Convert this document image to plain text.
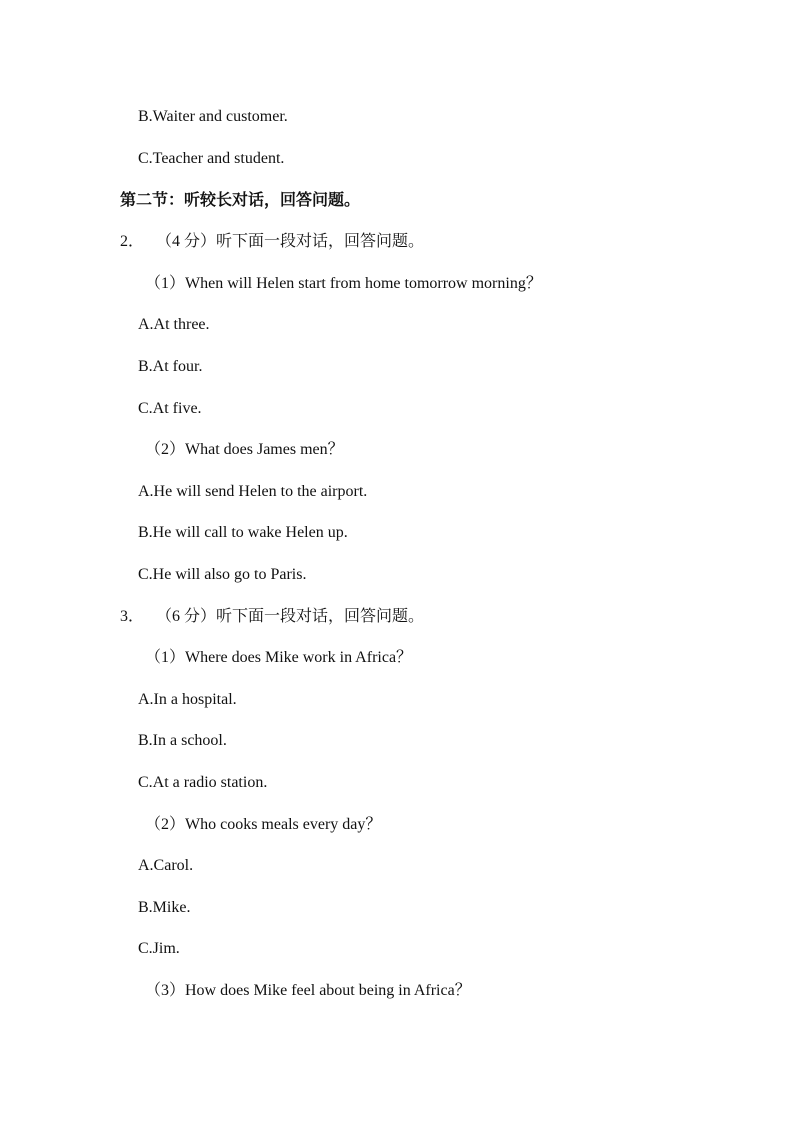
B.Waiter and customer.
C.Teacher and student.
第二节：听较长对话，回答问题。
2． （4 分）听下面一段对话，回答问题。
（1）When will Helen start from home tomorrow morning？
A.At three.
B.At four.
C.At five.
（2）What does James men？
A.He will send Helen to the airport.
B.He will call to wake Helen up.
C.He will also go to Paris.
3． （6 分）听下面一段对话，回答问题。
（1）Where does Mike work in Africa？
A.In a hospital.
B.In a school.
C.At a radio station.
（2）Who cooks meals every day？
A.Carol.
B.Mike.
C.Jim.
（3）How does Mike feel about being in Africa？
